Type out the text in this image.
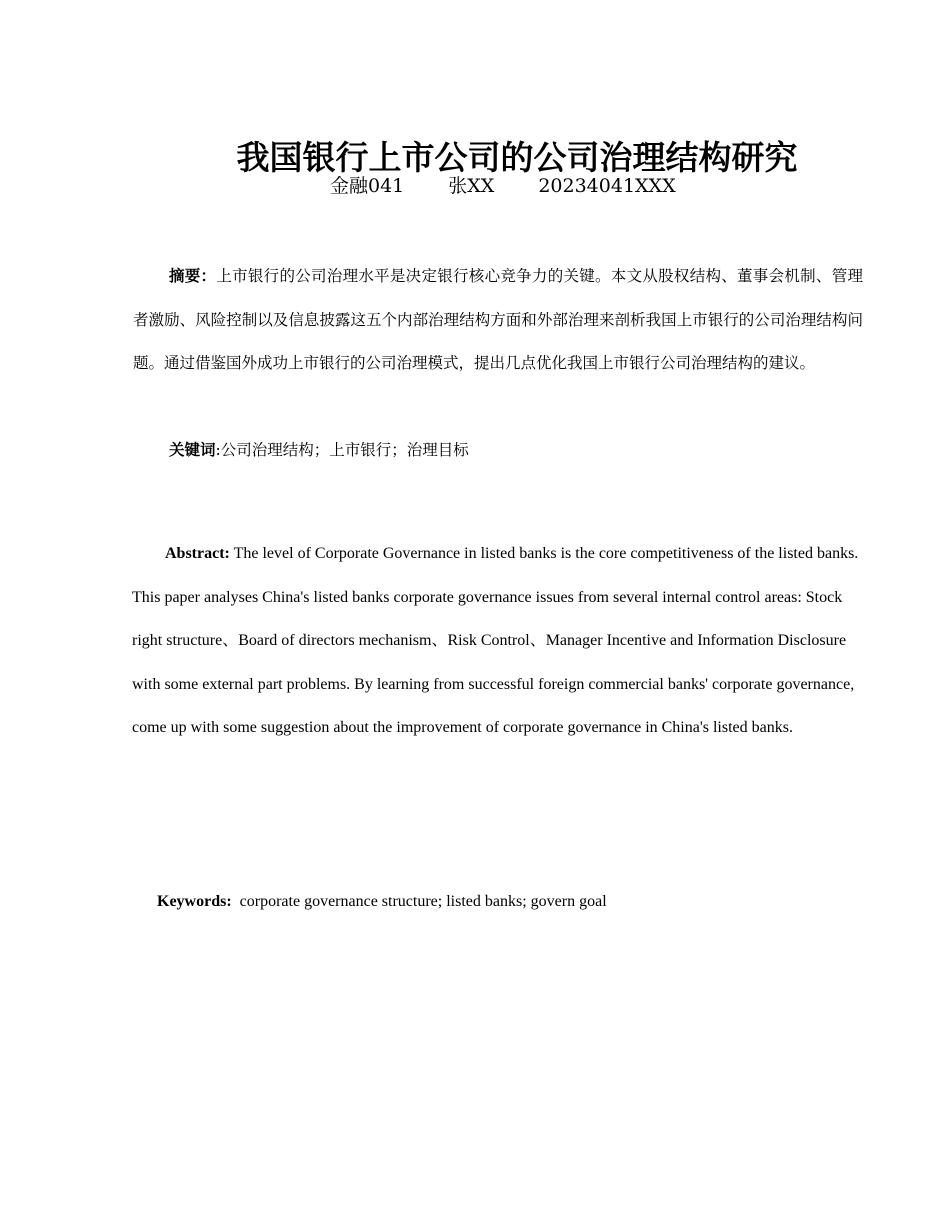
我国银行上市公司的公司治理结构研究
金融041 张XX 20234041XXX

摘要：上市银行的公司治理水平是决定银行核心竞争力的关键。本文从股权结构、董事会机制、管理者激励、风险控制以及信息披露这五个内部治理结构方面和外部治理来剖析我国上市银行的公司治理结构问题。通过借鉴国外成功上市银行的公司治理模式，提出几点优化我国上市银行公司治理结构的建议。

关键词:公司治理结构；上市银行；治理目标

Abstract: The level of Corporate Governance in listed banks is the core competitiveness of the listed banks. This paper analyses China's listed banks corporate governance issues from several internal control areas: Stock right structure、Board of directors mechanism、Risk Control、Manager Incentive and Information Disclosure with some external part problems. By learning from successful foreign commercial banks' corporate governance, come up with some suggestion about the improvement of corporate governance in China's listed banks.

Keywords: corporate governance structure; listed banks; govern goal
